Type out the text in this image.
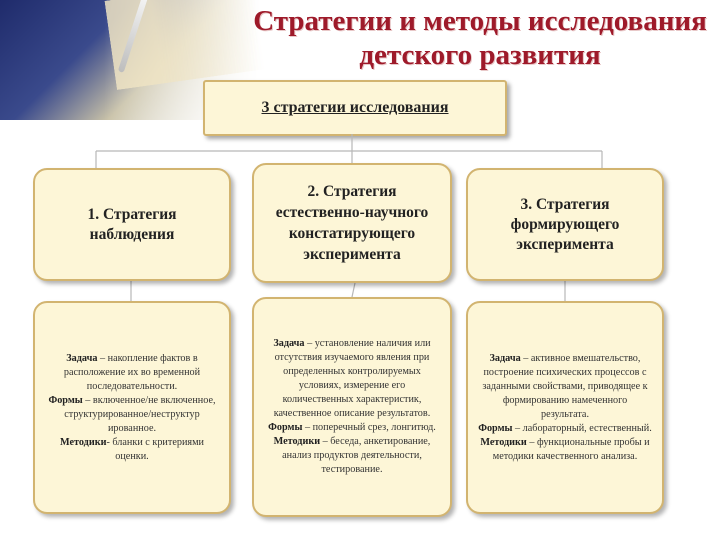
Стратегии и методы исследования детского развития
3 стратегии исследования
1. Стратегия наблюдения
2. Стратегия естественно-научного констатирующего эксперимента
3. Стратегия формирующего эксперимента
Задача – накопление фактов в расположение их во временной последовательности.
Формы – включенное/не включенное, структурированное/неструктур ированное.
Методики- бланки с критериями оценки.
Задача – установление наличия или отсутствия изучаемого явления при определенных контролируемых условиях, измерение его количественных характеристик, качественное описание результатов.
Формы – поперечный срез, лонгитюд.
Методики – беседа, анкетирование, анализ продуктов деятельности, тестирование.
Задача – активное вмешательство, построение психических процессов с заданными свойствами, приводящее к формированию намеченного результата.
Формы – лабораторный, естественный.
Методики – функциональные пробы и методики качественного анализа.
